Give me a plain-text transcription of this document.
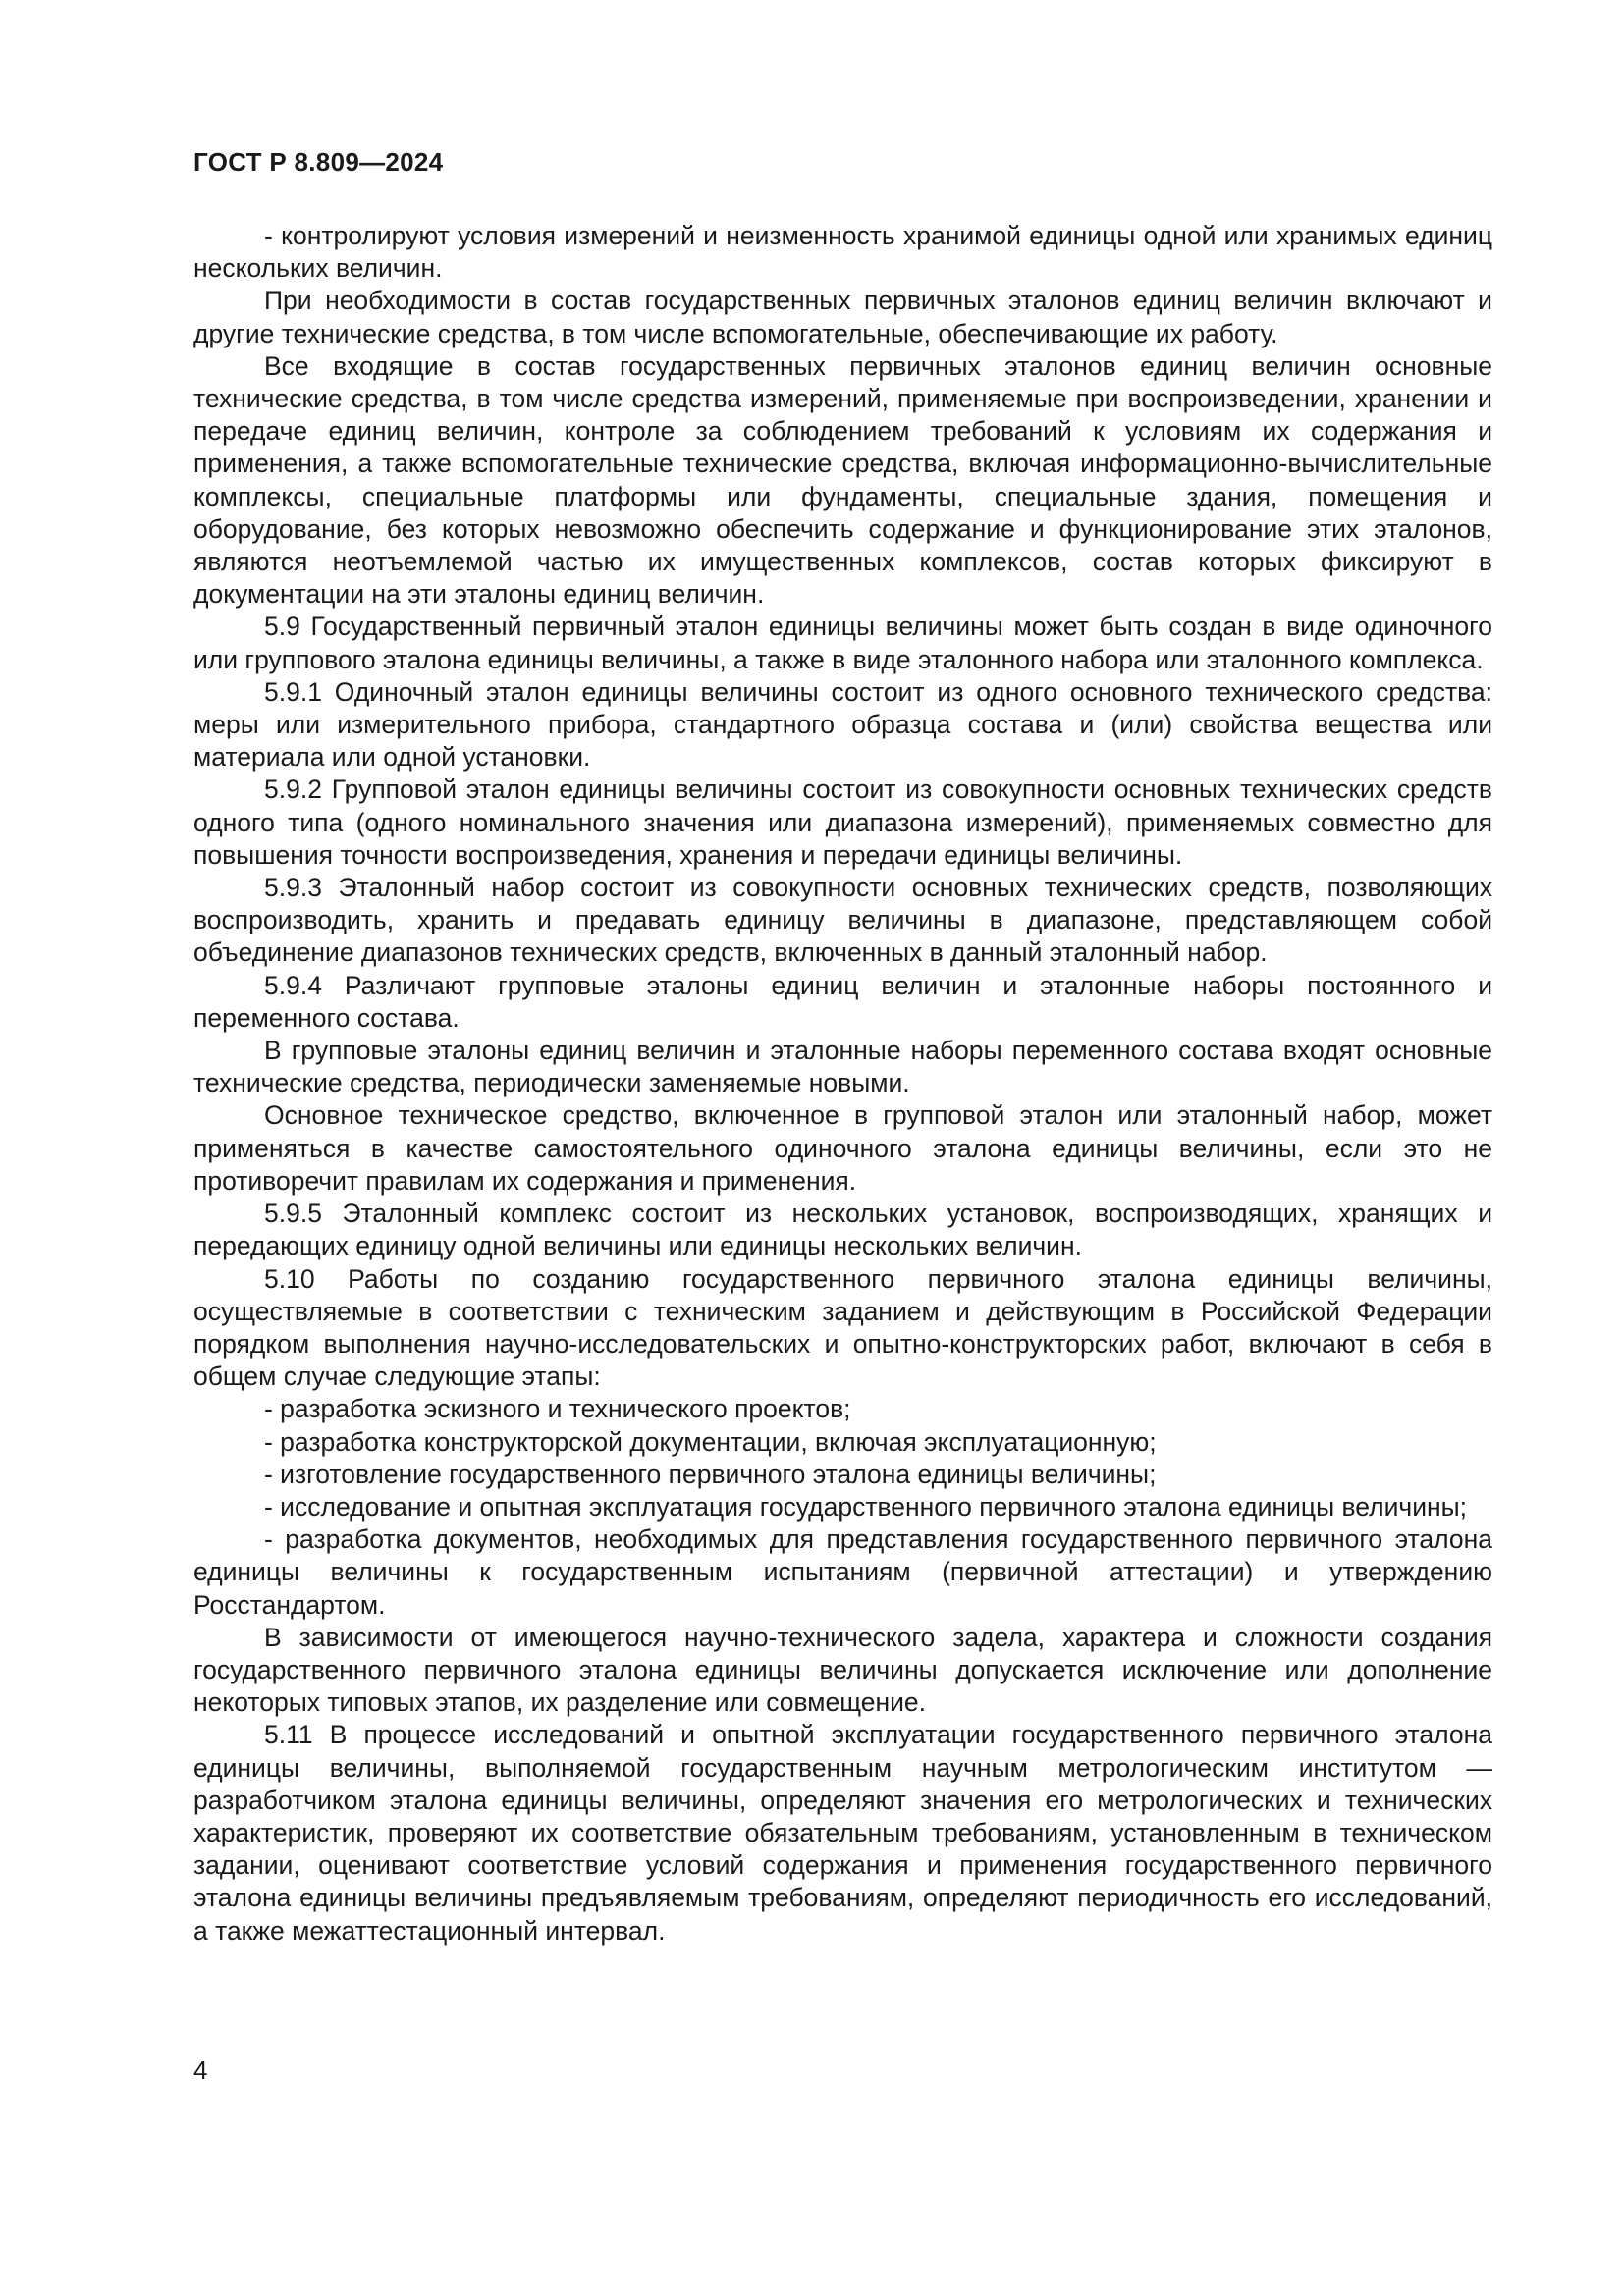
ГОСТ Р 8.809—2024

- контролируют условия измерений и неизменность хранимой единицы одной или хранимых единиц нескольких величин.

При необходимости в состав государственных первичных эталонов единиц величин включают и другие технические средства, в том числе вспомогательные, обеспечивающие их работу.

Все входящие в состав государственных первичных эталонов единиц величин основные технические средства, в том числе средства измерений, применяемые при воспроизведении, хранении и передаче единиц величин, контроле за соблюдением требований к условиям их содержания и применения, а также вспомогательные технические средства, включая информационно-вычислительные комплексы, специальные платформы или фундаменты, специальные здания, помещения и оборудование, без которых невозможно обеспечить содержание и функционирование этих эталонов, являются неотъемлемой частью их имущественных комплексов, состав которых фиксируют в документации на эти эталоны единиц величин.

5.9 Государственный первичный эталон единицы величины может быть создан в виде одиночного или группового эталона единицы величины, а также в виде эталонного набора или эталонного комплекса.

5.9.1 Одиночный эталон единицы величины состоит из одного основного технического средства: меры или измерительного прибора, стандартного образца состава и (или) свойства вещества или материала или одной установки.

5.9.2 Групповой эталон единицы величины состоит из совокупности основных технических средств одного типа (одного номинального значения или диапазона измерений), применяемых совместно для повышения точности воспроизведения, хранения и передачи единицы величины.

5.9.3 Эталонный набор состоит из совокупности основных технических средств, позволяющих воспроизводить, хранить и предавать единицу величины в диапазоне, представляющем собой объединение диапазонов технических средств, включенных в данный эталонный набор.

5.9.4 Различают групповые эталоны единиц величин и эталонные наборы постоянного и переменного состава.

В групповые эталоны единиц величин и эталонные наборы переменного состава входят основные технические средства, периодически заменяемые новыми.

Основное техническое средство, включенное в групповой эталон или эталонный набор, может применяться в качестве самостоятельного одиночного эталона единицы величины, если это не противоречит правилам их содержания и применения.

5.9.5 Эталонный комплекс состоит из нескольких установок, воспроизводящих, хранящих и передающих единицу одной величины или единицы нескольких величин.

5.10 Работы по созданию государственного первичного эталона единицы величины, осуществляемые в соответствии с техническим заданием и действующим в Российской Федерации порядком выполнения научно-исследовательских и опытно-конструкторских работ, включают в себя в общем случае следующие этапы:

- разработка эскизного и технического проектов;

- разработка конструкторской документации, включая эксплуатационную;

- изготовление государственного первичного эталона единицы величины;

- исследование и опытная эксплуатация государственного первичного эталона единицы величины;

- разработка документов, необходимых для представления государственного первичного эталона единицы величины к государственным испытаниям (первичной аттестации) и утверждению Росстандартом.

В зависимости от имеющегося научно-технического задела, характера и сложности создания государственного первичного эталона единицы величины допускается исключение или дополнение некоторых типовых этапов, их разделение или совмещение.

5.11 В процессе исследований и опытной эксплуатации государственного первичного эталона единицы величины, выполняемой государственным научным метрологическим институтом — разработчиком эталона единицы величины, определяют значения его метрологических и технических характеристик, проверяют их соответствие обязательным требованиям, установленным в техническом задании, оценивают соответствие условий содержания и применения государственного первичного эталона единицы величины предъявляемым требованиям, определяют периодичность его исследований, а также межаттестационный интервал.

4
